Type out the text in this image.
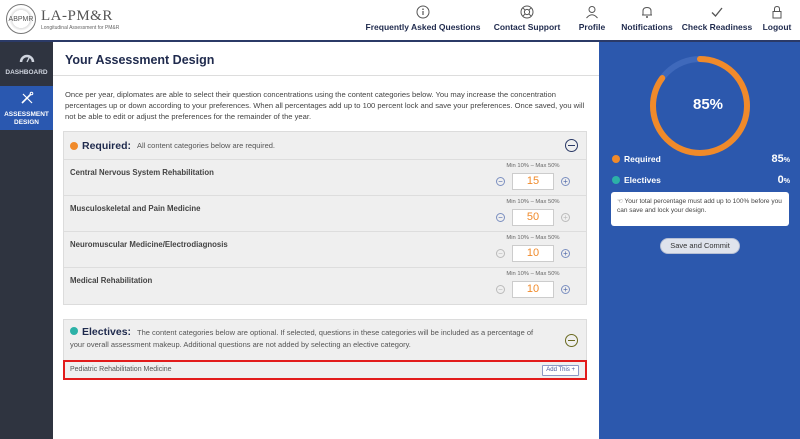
ABPMR LA-PM&R
Longitudinal Assessment for PM&R	Frequently Asked Questions Contact Support Profile Notifications Check Readiness Logout
DASHBOARD
ASSESSMENT DESIGN
Your Assessment Design
Once per year, diplomates are able to select their question concentrations using the content categories below. You may increase the concentration percentages up or down according to your preferences. When all percentages add up to 100 percent lock and save your preferences. Once saved, you will not be able to edit or adjust the preferences for the remainder of the year.
Required: All content categories below are required.
Central Nervous System Rehabilitation
Min 10% – Max 50%
−	15	+
Musculoskeletal and Pain Medicine
Min 10% – Max 50%
−	50	+
Neuromuscular Medicine/Electrodiagnosis
Min 10% – Max 50%
−	10	+
Medical Rehabilitation
Min 10% – Max 50%
−	10	+
Electives: The content categories below are optional. If selected, questions in these categories will be included as a percentage of
your overall assessment makeup. Additional questions are not added by selecting an elective category.
Pediatric Rehabilitation Medicine	Add This +
85%
Required	85%
Electives	0%
☜ Your total percentage must add up to 100% before you can save and lock your design.
Save and Commit
